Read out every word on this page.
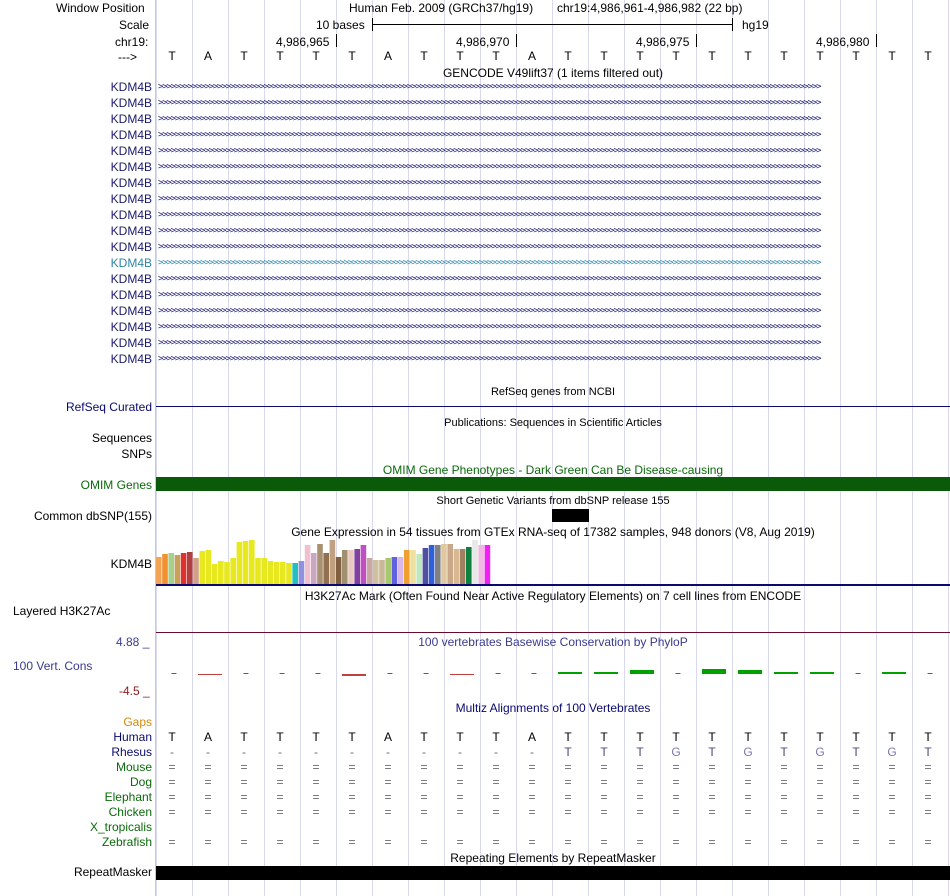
Window Position	Human Feb. 2009 (GRCh37/hg19) chr19:4,986,961-4,986,982 (22 bp)
Scale	10 bases	hg19
chr19:	4,986,965	4,986,970	4,986,975	4,986,980
--->	T	A	T	T	T	T	A	T	T	T	A	T	T	T	T	T	T	T	T	T	T	T
GENCODE V49lift37 (1 items filtered out)
KDM4B >>>>>>>>>>>>>>>>>>>>>>>>>>>>>>>>>>>>>>>>>>>>>>>>>>>>>>>>>>>>>>>>>>>>>>>>>>>>>>>>>>>>>>>>>>>>>>>>>>>>>>>>>>>>>>>>>>>>>>>>>>>>>>>>>>>>>>>>>>>>>>>>>>>>>>>>>>>>>
KDM4B >>>>>>>>>>>>>>>>>>>>>>>>>>>>>>>>>>>>>>>>>>>>>>>>>>>>>>>>>>>>>>>>>>>>>>>>>>>>>>>>>>>>>>>>>>>>>>>>>>>>>>>>>>>>>>>>>>>>>>>>>>>>>>>>>>>>>>>>>>>>>>>>>>>>>>>>>>>>>
KDM4B >>>>>>>>>>>>>>>>>>>>>>>>>>>>>>>>>>>>>>>>>>>>>>>>>>>>>>>>>>>>>>>>>>>>>>>>>>>>>>>>>>>>>>>>>>>>>>>>>>>>>>>>>>>>>>>>>>>>>>>>>>>>>>>>>>>>>>>>>>>>>>>>>>>>>>>>>>>>>
KDM4B >>>>>>>>>>>>>>>>>>>>>>>>>>>>>>>>>>>>>>>>>>>>>>>>>>>>>>>>>>>>>>>>>>>>>>>>>>>>>>>>>>>>>>>>>>>>>>>>>>>>>>>>>>>>>>>>>>>>>>>>>>>>>>>>>>>>>>>>>>>>>>>>>>>>>>>>>>>>>
KDM4B >>>>>>>>>>>>>>>>>>>>>>>>>>>>>>>>>>>>>>>>>>>>>>>>>>>>>>>>>>>>>>>>>>>>>>>>>>>>>>>>>>>>>>>>>>>>>>>>>>>>>>>>>>>>>>>>>>>>>>>>>>>>>>>>>>>>>>>>>>>>>>>>>>>>>>>>>>>>>
KDM4B >>>>>>>>>>>>>>>>>>>>>>>>>>>>>>>>>>>>>>>>>>>>>>>>>>>>>>>>>>>>>>>>>>>>>>>>>>>>>>>>>>>>>>>>>>>>>>>>>>>>>>>>>>>>>>>>>>>>>>>>>>>>>>>>>>>>>>>>>>>>>>>>>>>>>>>>>>>>>
KDM4B >>>>>>>>>>>>>>>>>>>>>>>>>>>>>>>>>>>>>>>>>>>>>>>>>>>>>>>>>>>>>>>>>>>>>>>>>>>>>>>>>>>>>>>>>>>>>>>>>>>>>>>>>>>>>>>>>>>>>>>>>>>>>>>>>>>>>>>>>>>>>>>>>>>>>>>>>>>>>
KDM4B >>>>>>>>>>>>>>>>>>>>>>>>>>>>>>>>>>>>>>>>>>>>>>>>>>>>>>>>>>>>>>>>>>>>>>>>>>>>>>>>>>>>>>>>>>>>>>>>>>>>>>>>>>>>>>>>>>>>>>>>>>>>>>>>>>>>>>>>>>>>>>>>>>>>>>>>>>>>>
KDM4B >>>>>>>>>>>>>>>>>>>>>>>>>>>>>>>>>>>>>>>>>>>>>>>>>>>>>>>>>>>>>>>>>>>>>>>>>>>>>>>>>>>>>>>>>>>>>>>>>>>>>>>>>>>>>>>>>>>>>>>>>>>>>>>>>>>>>>>>>>>>>>>>>>>>>>>>>>>>>
KDM4B >>>>>>>>>>>>>>>>>>>>>>>>>>>>>>>>>>>>>>>>>>>>>>>>>>>>>>>>>>>>>>>>>>>>>>>>>>>>>>>>>>>>>>>>>>>>>>>>>>>>>>>>>>>>>>>>>>>>>>>>>>>>>>>>>>>>>>>>>>>>>>>>>>>>>>>>>>>>>
KDM4B >>>>>>>>>>>>>>>>>>>>>>>>>>>>>>>>>>>>>>>>>>>>>>>>>>>>>>>>>>>>>>>>>>>>>>>>>>>>>>>>>>>>>>>>>>>>>>>>>>>>>>>>>>>>>>>>>>>>>>>>>>>>>>>>>>>>>>>>>>>>>>>>>>>>>>>>>>>>>
KDM4B >>>>>>>>>>>>>>>>>>>>>>>>>>>>>>>>>>>>>>>>>>>>>>>>>>>>>>>>>>>>>>>>>>>>>>>>>>>>>>>>>>>>>>>>>>>>>>>>>>>>>>>>>>>>>>>>>>>>>>>>>>>>>>>>>>>>>>>>>>>>>>>>>>>>>>>>>>>>>
KDM4B >>>>>>>>>>>>>>>>>>>>>>>>>>>>>>>>>>>>>>>>>>>>>>>>>>>>>>>>>>>>>>>>>>>>>>>>>>>>>>>>>>>>>>>>>>>>>>>>>>>>>>>>>>>>>>>>>>>>>>>>>>>>>>>>>>>>>>>>>>>>>>>>>>>>>>>>>>>>>
KDM4B >>>>>>>>>>>>>>>>>>>>>>>>>>>>>>>>>>>>>>>>>>>>>>>>>>>>>>>>>>>>>>>>>>>>>>>>>>>>>>>>>>>>>>>>>>>>>>>>>>>>>>>>>>>>>>>>>>>>>>>>>>>>>>>>>>>>>>>>>>>>>>>>>>>>>>>>>>>>>
KDM4B >>>>>>>>>>>>>>>>>>>>>>>>>>>>>>>>>>>>>>>>>>>>>>>>>>>>>>>>>>>>>>>>>>>>>>>>>>>>>>>>>>>>>>>>>>>>>>>>>>>>>>>>>>>>>>>>>>>>>>>>>>>>>>>>>>>>>>>>>>>>>>>>>>>>>>>>>>>>>
KDM4B >>>>>>>>>>>>>>>>>>>>>>>>>>>>>>>>>>>>>>>>>>>>>>>>>>>>>>>>>>>>>>>>>>>>>>>>>>>>>>>>>>>>>>>>>>>>>>>>>>>>>>>>>>>>>>>>>>>>>>>>>>>>>>>>>>>>>>>>>>>>>>>>>>>>>>>>>>>>>
KDM4B >>>>>>>>>>>>>>>>>>>>>>>>>>>>>>>>>>>>>>>>>>>>>>>>>>>>>>>>>>>>>>>>>>>>>>>>>>>>>>>>>>>>>>>>>>>>>>>>>>>>>>>>>>>>>>>>>>>>>>>>>>>>>>>>>>>>>>>>>>>>>>>>>>>>>>>>>>>>>
KDM4B >>>>>>>>>>>>>>>>>>>>>>>>>>>>>>>>>>>>>>>>>>>>>>>>>>>>>>>>>>>>>>>>>>>>>>>>>>>>>>>>>>>>>>>>>>>>>>>>>>>>>>>>>>>>>>>>>>>>>>>>>>>>>>>>>>>>>>>>>>>>>>>>>>>>>>>>>>>>>
RefSeq genes from NCBI
RefSeq Curated
Publications: Sequences in Scientific Articles
Sequences
SNPs
OMIM Gene Phenotypes - Dark Green Can Be Disease-causing
OMIM Genes
Short Genetic Variants from dbSNP release 155
Common dbSNP(155)
Gene Expression in 54 tissues from GTEx RNA-seq of 17382 samples, 948 donors (V8, Aug 2019)
KDM4B
H3K27Ac Mark (Often Found Near Active Regulatory Elements) on 7 cell lines from ENCODE
Layered H3K27Ac
100 vertebrates Basewise Conservation by PhyloP
4.88 _
100 Vert. Cons
-4.5 _
Multiz Alignments of 100 Vertebrates
Gaps
Human	T	A	T	T	T	T	A	T	T	T	A	T	T	T	T	T	T	T	T	T	T	T
Rhesus	-	-	-	-	-	-	-	-	-	-	-	T	T	T	G	T	G	T	G	T	G	T
Mouse	=	=	=	=	=	=	=	=	=	=	=	=	=	=	=	=	=	=	=	=	=	=
Dog	=	=	=	=	=	=	=	=	=	=	=	=	=	=	=	=	=	=	=	=	=	=
Elephant	=	=	=	=	=	=	=	=	=	=	=	=	=	=	=	=	=	=	=	=	=	=
Chicken	=	=	=	=	=	=	=	=	=	=	=	=	=	=	=	=	=	=	=	=	=	=
X_tropicalis
Zebrafish	=	=	=	=	=	=	=	=	=	=	=	=	=	=	=	=	=	=	=	=	=	=
Repeating Elements by RepeatMasker
RepeatMasker
